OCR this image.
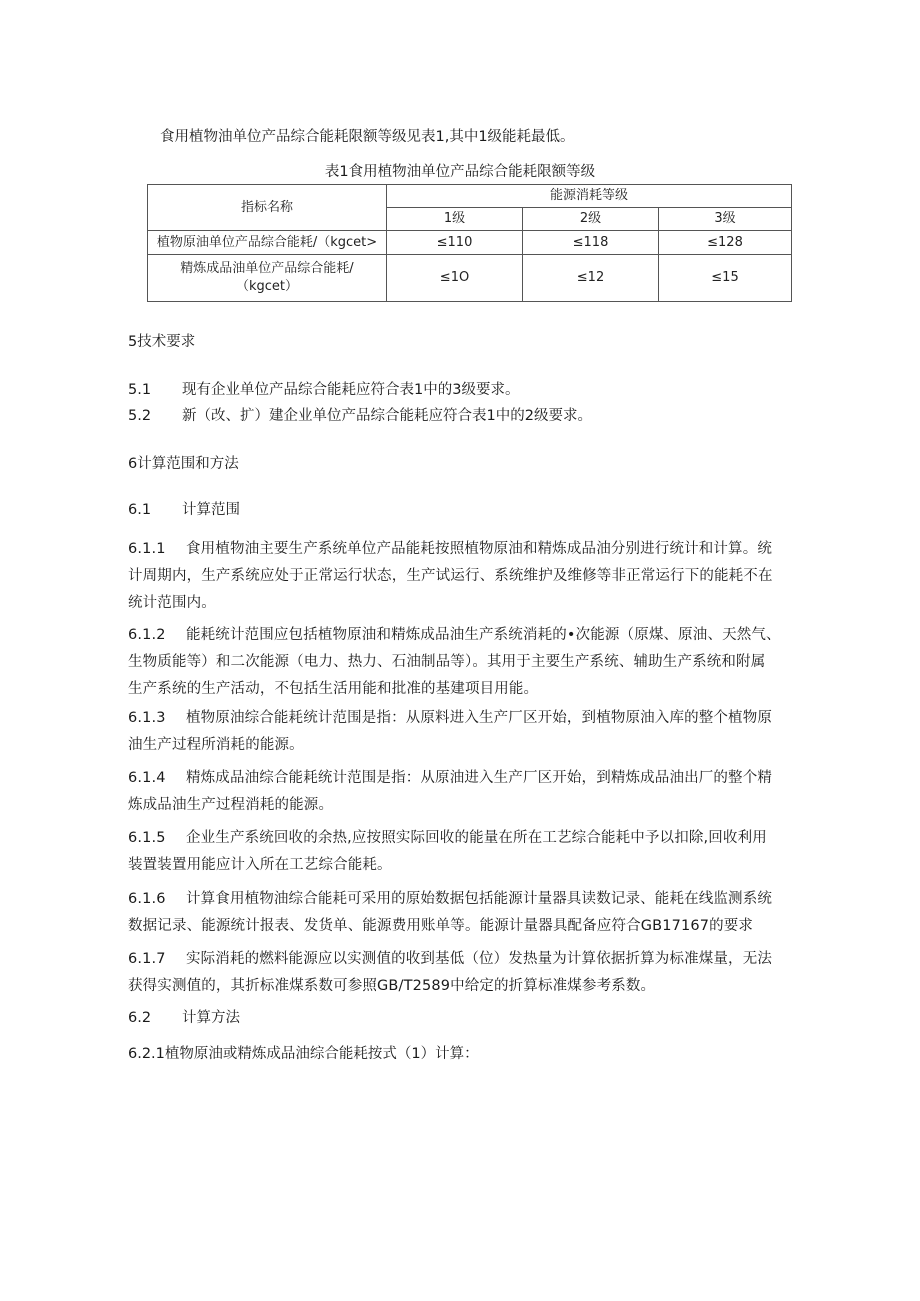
食用植物油单位产品综合能耗限额等级见表1,其中1级能耗最低。
表1食用植物油单位产品综合能耗限额等级
指标名称	能源消耗等级		
	1级	2级	3级
植物原油单位产品综合能耗/（kgcet>	≤110	≤118	≤128
精炼成品油单位产品综合能耗/（kgcet）	≤1O	≤12	≤15
5技术要求
5.1 现有企业单位产品综合能耗应符合表1中的3级要求。
5.2 新（改、扩）建企业单位产品综合能耗应符合表1中的2级要求。
6计算范围和方法
6.1 计算范围
6.1.1 食用植物油主要生产系统单位产品能耗按照植物原油和精炼成品油分别进行统计和计算。统
计周期内，生产系统应处于正常运行状态，生产试运行、系统维护及维修等非正常运行下的能耗不在
统计范围内。
6.1.2 能耗统计范围应包括植物原油和精炼成品油生产系统消耗的•次能源（原煤、原油、天然气、
生物质能等）和二次能源（电力、热力、石油制品等）。其用于主要生产系统、辅助生产系统和附属
生产系统的生产活动，不包括生活用能和批准的基建项目用能。
6.1.3 植物原油综合能耗统计范围是指：从原料进入生产厂区开始，到植物原油入库的整个植物原
油生产过程所消耗的能源。
6.1.4 精炼成品油综合能耗统计范围是指：从原油进入生产厂区开始，到精炼成品油出厂的整个精
炼成品油生产过程消耗的能源。
6.1.5 企业生产系统回收的余热,应按照实际回收的能量在所在工艺综合能耗中予以扣除,回收利用
装置装置用能应计入所在工艺综合能耗。
6.1.6 计算食用植物油综合能耗可采用的原始数据包括能源计量器具读数记录、能耗在线监测系统
数据记录、能源统计报表、发货单、能源费用账单等。能源计量器具配备应符合GB17167的要求
6.1.7 实际消耗的燃料能源应以实测值的收到基低（位）发热量为计算依据折算为标准煤量，无法
获得实测值的，其折标准煤系数可参照GB/T2589中给定的折算标准煤参考系数。
6.2 计算方法
6.2.1植物原油或精炼成品油综合能耗按式（1）计算：
